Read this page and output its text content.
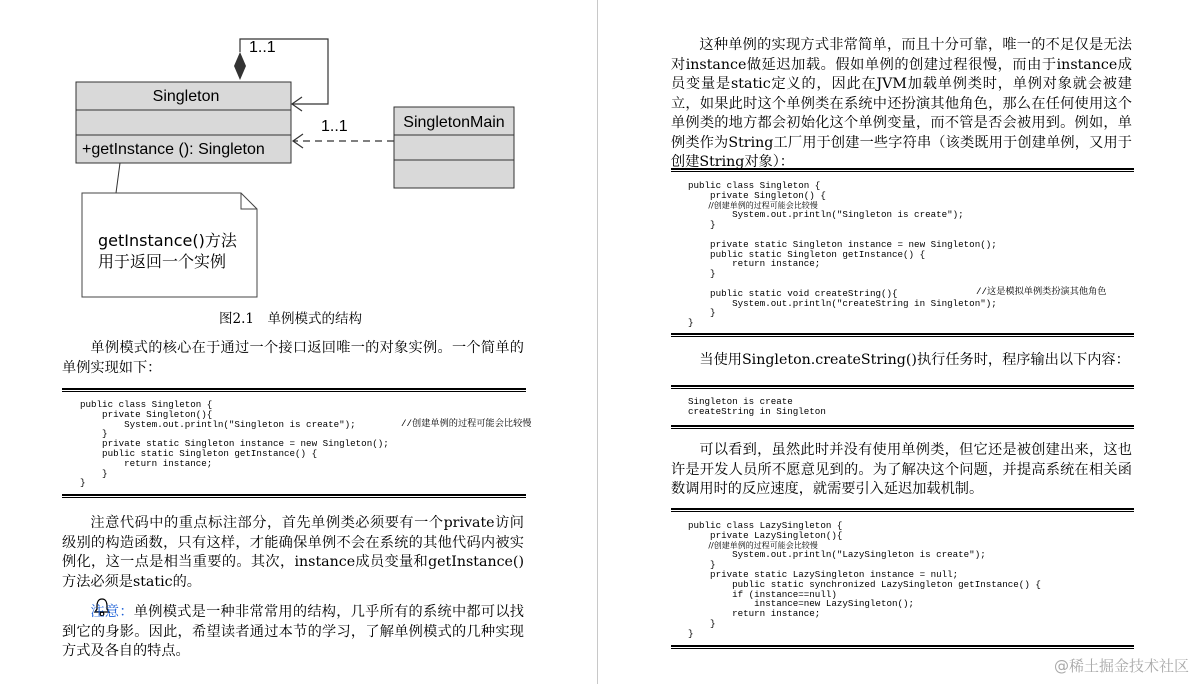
Singleton
+getInstance (): Singleton
1..1
SingletonMain
1..1
getInstance()方法
用于返回一个实例
图2.1　单例模式的结构

单例模式的核心在于通过一个接口返回唯一的对象实例。一个简单的单例实现如下：

public class Singleton {
private Singleton(){
System.out.println("Singleton is create");
}
private static Singleton instance = new Singleton();
public static Singleton getInstance() {
return instance;
}
}
//创建单例的过程可能会比较慢

注意代码中的重点标注部分，首先单例类必须要有一个private访问级别的构造函数，只有这样，才能确保单例不会在系统的其他代码内被实例化，这一点是相当重要的。其次，instance成员变量和getInstance()方法必须是static的。

注意：单例模式是一种非常常用的结构，几乎所有的系统中都可以找到它的身影。因此，希望读者通过本节的学习，了解单例模式的几种实现方式及各自的特点。

这种单例的实现方式非常简单，而且十分可靠，唯一的不足仅是无法对instance做延迟加载。假如单例的创建过程很慢，而由于instance成员变量是static定义的，因此在JVM加载单例类时，单例对象就会被建立，如果此时这个单例类在系统中还扮演其他角色，那么在任何使用这个单例类的地方都会初始化这个单例变量，而不管是否会被用到。例如，单例类作为String工厂用于创建一些字符串（该类既用于创建单例，又用于创建String对象）：

public class Singleton {
private Singleton() {
//创建单例的过程可能会比较慢
System.out.println("Singleton is create");
}

private static Singleton instance = new Singleton();
public static Singleton getInstance() {
return instance;
}

public static void createString(){
System.out.println("createString in Singleton");
}
}
//这是模拟单例类扮演其他角色

当使用Singleton.createString()执行任务时，程序输出以下内容：

Singleton is create
createString in Singleton

可以看到，虽然此时并没有使用单例类，但它还是被创建出来，这也许是开发人员所不愿意见到的。为了解决这个问题，并提高系统在相关函数调用时的反应速度，就需要引入延迟加载机制。

public class LazySingleton {
private LazySingleton(){
//创建单例的过程可能会比较慢
System.out.println("LazySingleton is create");
}
private static LazySingleton instance = null;
public static synchronized LazySingleton getInstance() {
if (instance==null)
instance=new LazySingleton();
return instance;
}
}
@稀土掘金技术社区
